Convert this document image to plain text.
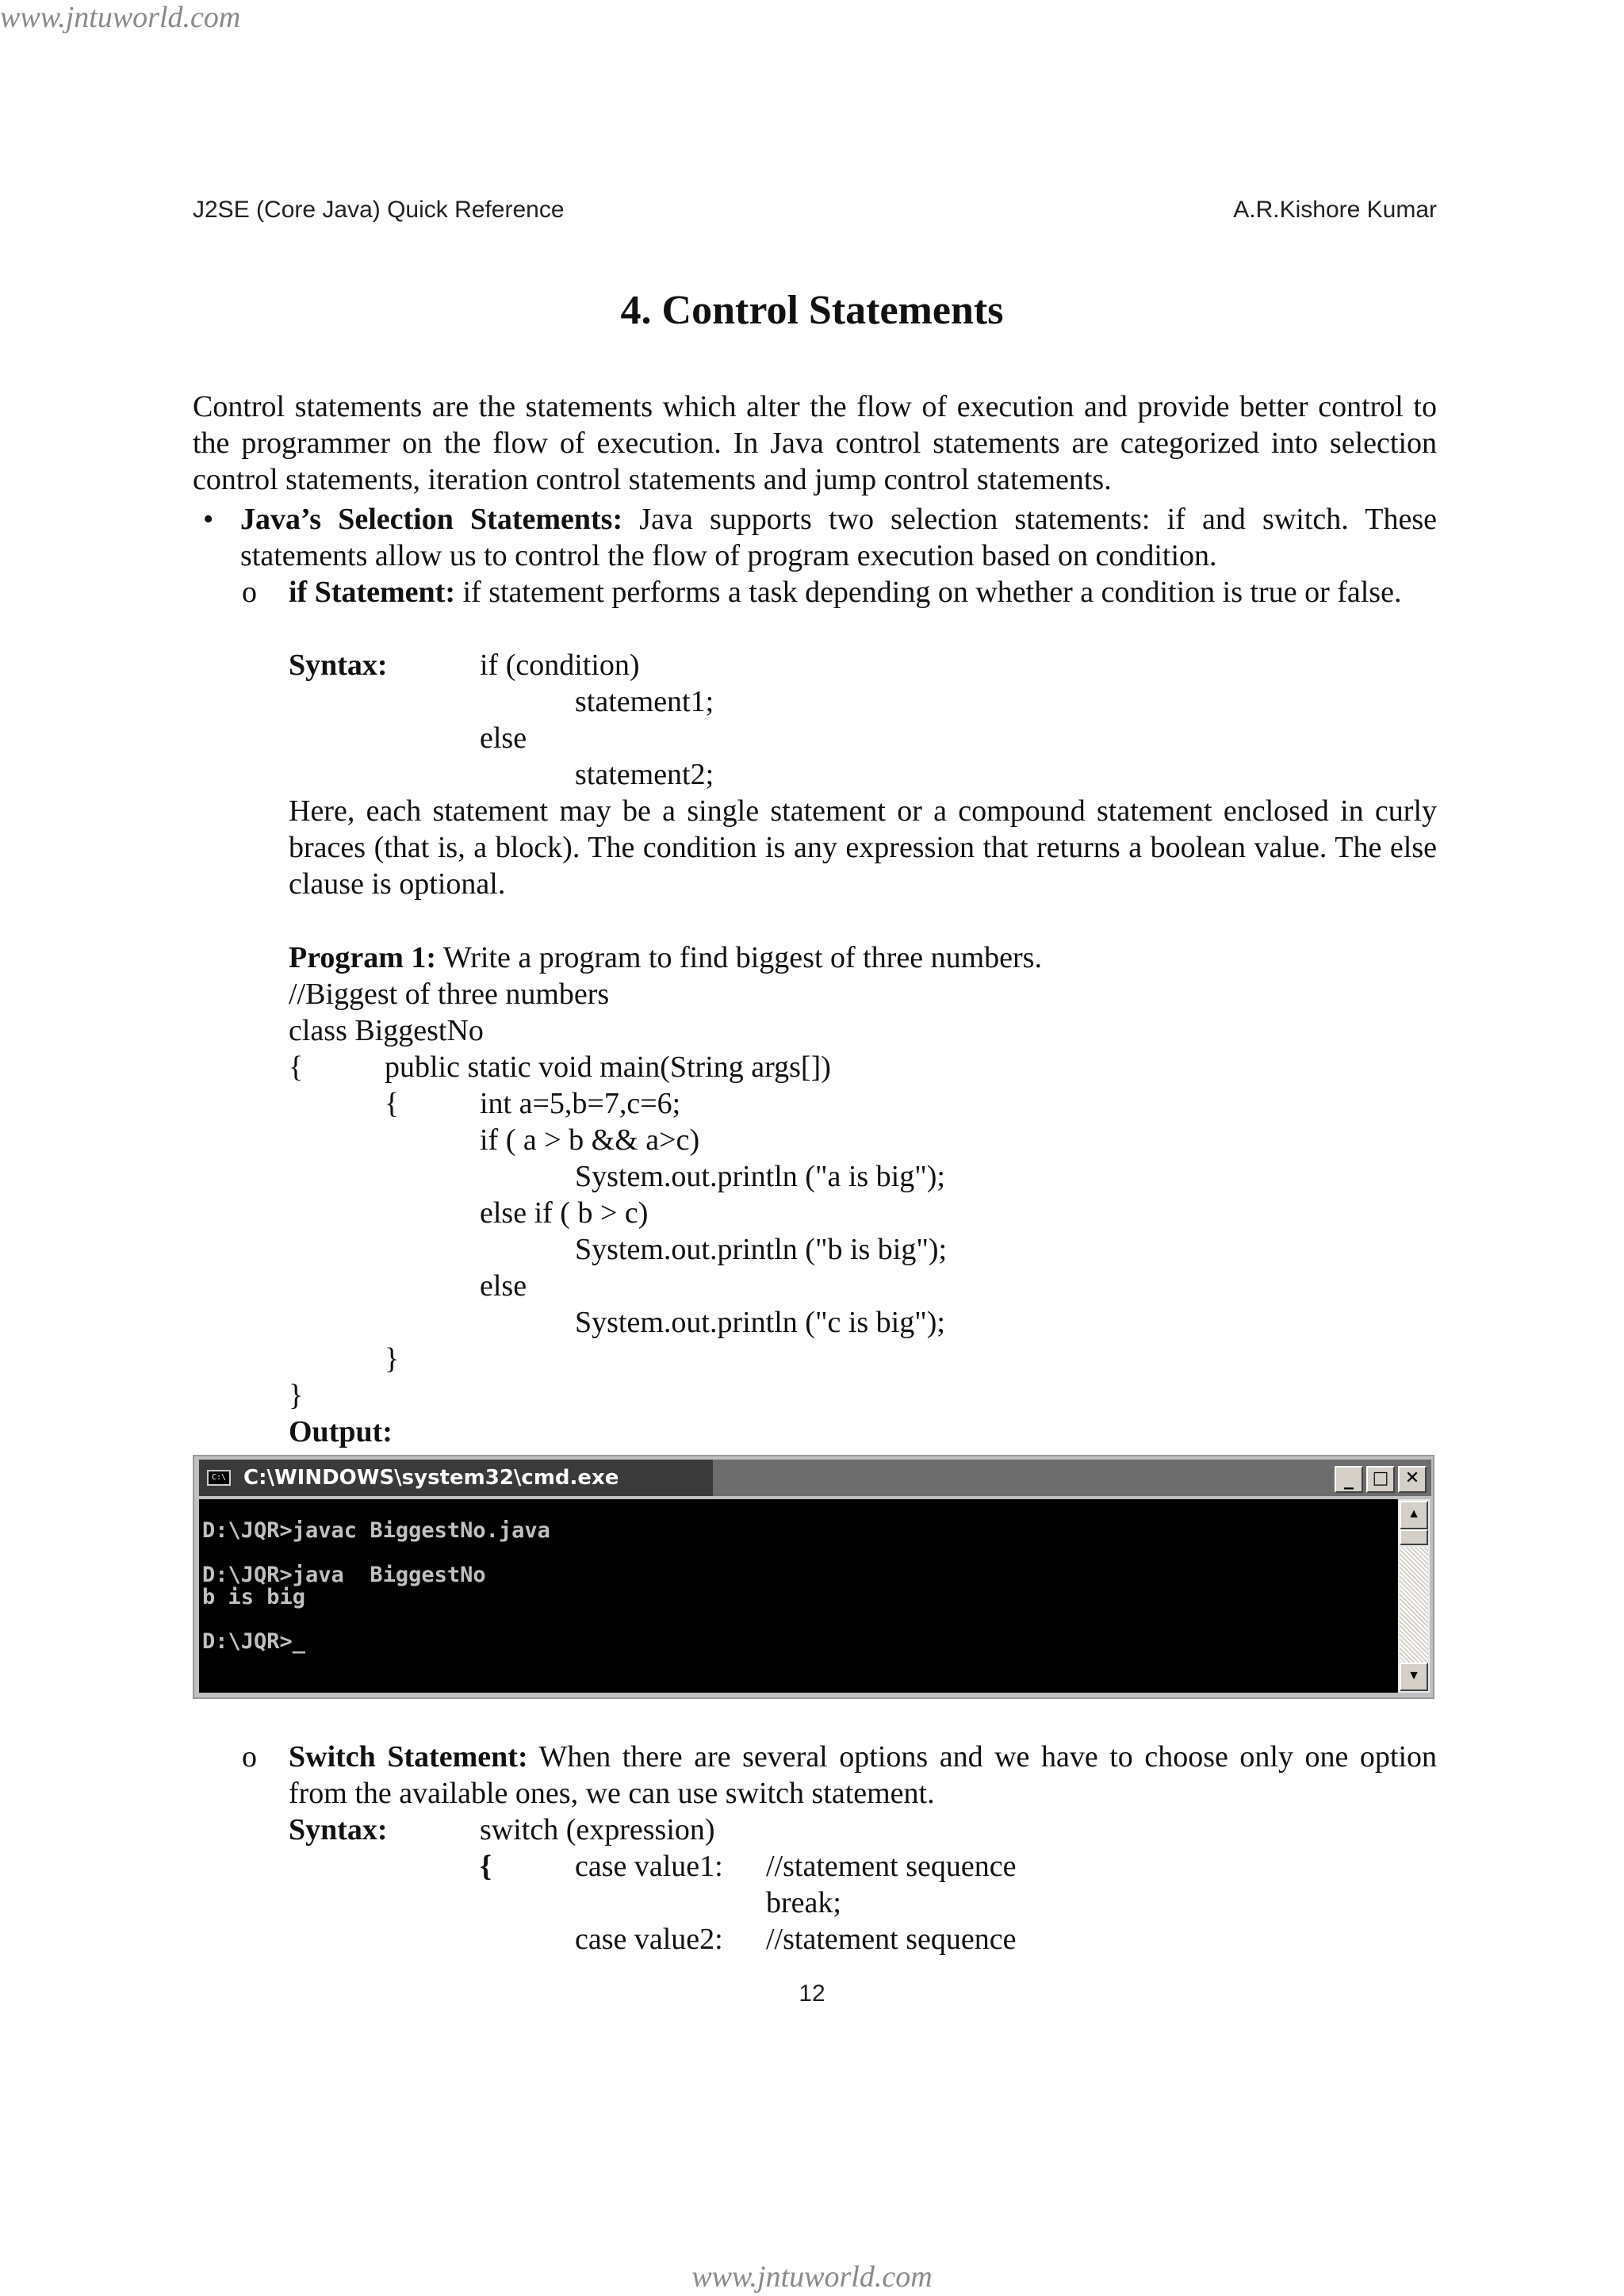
www.jntuworld.com
J2SE (Core Java) Quick Reference	A.R.Kishore Kumar
4. Control Statements
Control statements are the statements which alter the flow of execution and provide better control to the programmer on the flow of execution. In Java control statements are categorized into selection control statements, iteration control statements and jump control statements.
• Java’s Selection Statements: Java supports two selection statements: if and switch. These statements allow us to control the flow of program execution based on condition.
o if Statement: if statement performs a task depending on whether a condition is true or false.
Syntax:	if (condition)
statement1;
else
statement2;
Here, each statement may be a single statement or a compound statement enclosed in curly braces (that is, a block). The condition is any expression that returns a boolean value. The else clause is optional.
Program 1: Write a program to find biggest of three numbers.
//Biggest of three numbers
class BiggestNo
{	public static void main(String args[])
{	int a=5,b=7,c=6;
if ( a > b && a>c)
System.out.println ("a is big");
else if ( b > c)
System.out.println ("b is big");
else
System.out.println ("c is big");
}
}
Output:
C:\ C:\WINDOWS\system32\cmd.exe	_	□ ✕
D:\JQR>javac BiggestNo.java
D:\JQR>java  BiggestNo
b is big
D:\JQR>_
▲
▼
o Switch Statement: When there are several options and we have to choose only one option from the available ones, we can use switch statement.
Syntax:	switch (expression)
{	case value1: //statement sequence
break;
case value2: //statement sequence
12
www.jntuworld.com
